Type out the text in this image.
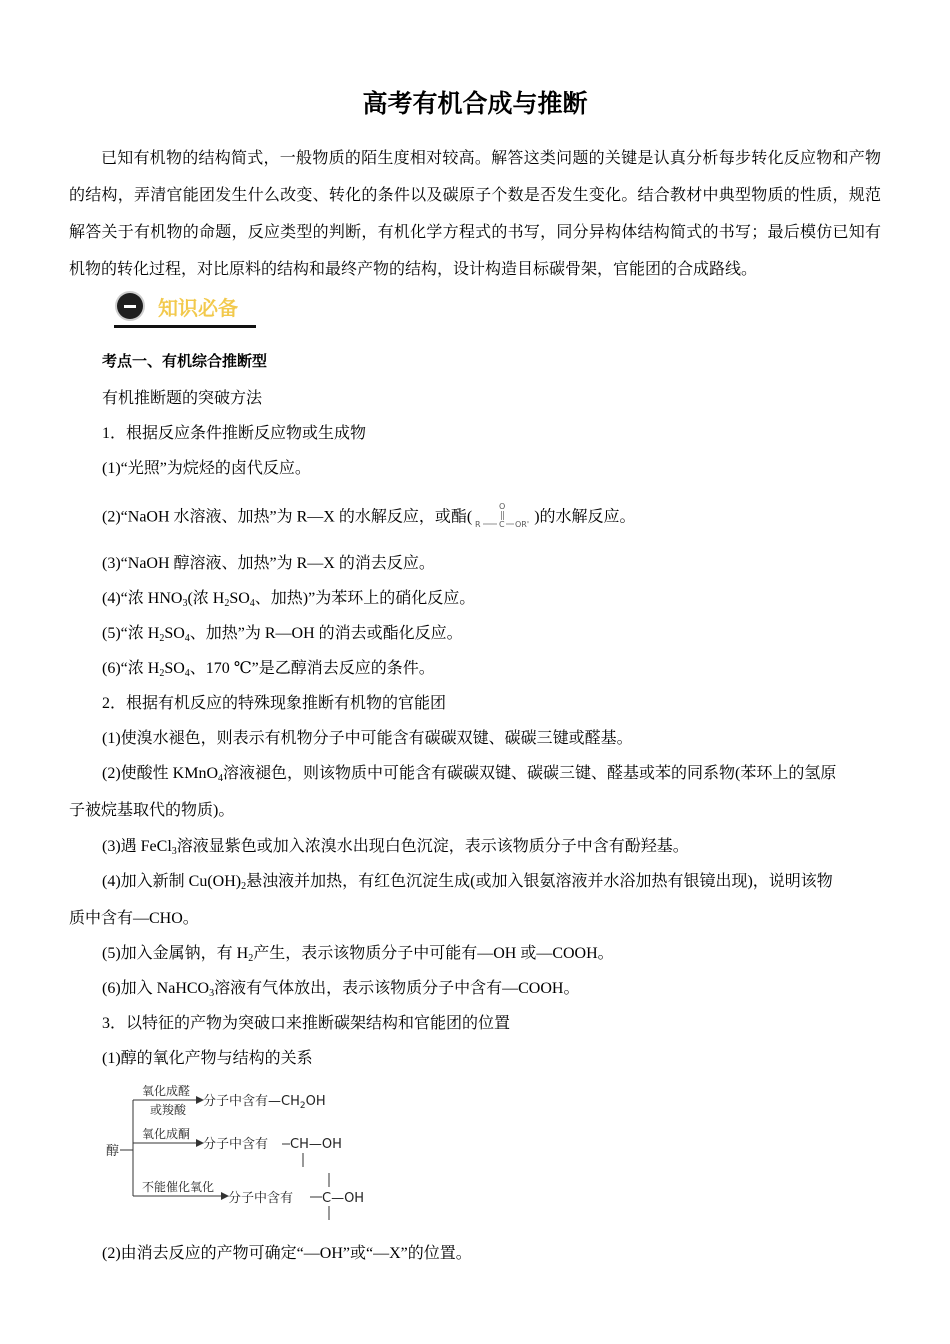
高考有机合成与推断
已知有机物的结构简式，一般物质的陌生度相对较高。解答这类问题的关键是认真分析每步转化反应物和产物的结构，弄清官能团发生什么改变、转化的条件以及碳原子个数是否发生变化。结合教材中典型物质的性质，规范解答关于有机物的命题，反应类型的判断，有机化学方程式的书写，同分异构体结构简式的书写；最后模仿已知有机物的转化过程，对比原料的结构和最终产物的结构，设计构造目标碳骨架，官能团的合成路线。
知识必备
考点一、有机综合推断型
有机推断题的突破方法
1．根据反应条件推断反应物或生成物
(1)“光照”为烷烃的卤代反应。
(2)“NaOH 水溶液、加热”为 R—X 的水解反应，或酯(
O
R C OR' )的水解反应。
(3)“NaOH 醇溶液、加热”为 R—X 的消去反应。
(4)“浓 $HNO_3$(浓 $H_2SO_4$、加热)”为苯环上的硝化反应。
(5)“浓 $H_2SO_4$、加热”为 R—OH 的消去或酯化反应。
(6)“浓 $H_2SO_4$、170 ℃”是乙醇消去反应的条件。
2．根据有机反应的特殊现象推断有机物的官能团
(1)使溴水褪色，则表示有机物分子中可能含有碳碳双键、碳碳三键或醛基。
(2)使酸性 KMnO$_4$溶液褪色，则该物质中可能含有碳碳双键、碳碳三键、醛基或苯的同系物(苯环上的氢原
子被烷基取代的物质)。
(3)遇 FeCl$_3$溶液显紫色或加入浓溴水出现白色沉淀，表示该物质分子中含有酚羟基。
(4)加入新制 $Cu(OH)_2$悬浊液并加热，有红色沉淀生成(或加入银氨溶液并水浴加热有银镜出现)，说明该物
质中含有—CHO。
(5)加入金属钠，有 $H_2$产生，表示该物质分子中可能有—OH 或—COOH。
(6)加入 NaHCO$_3$溶液有气体放出，表示该物质分子中含有—COOH。
3．以特征的产物为突破口来推断碳架结构和官能团的位置
(1)醇的氧化产物与结构的关系
醇
氧化成醛
或羧酸
分子中含有$—CH_2OH$
氧化成酮
分子中含有 CH—OH
不能催化氧化
分子中含有 C—OH
(2)由消去反应的产物可确定“—OH”或“—X”的位置。
